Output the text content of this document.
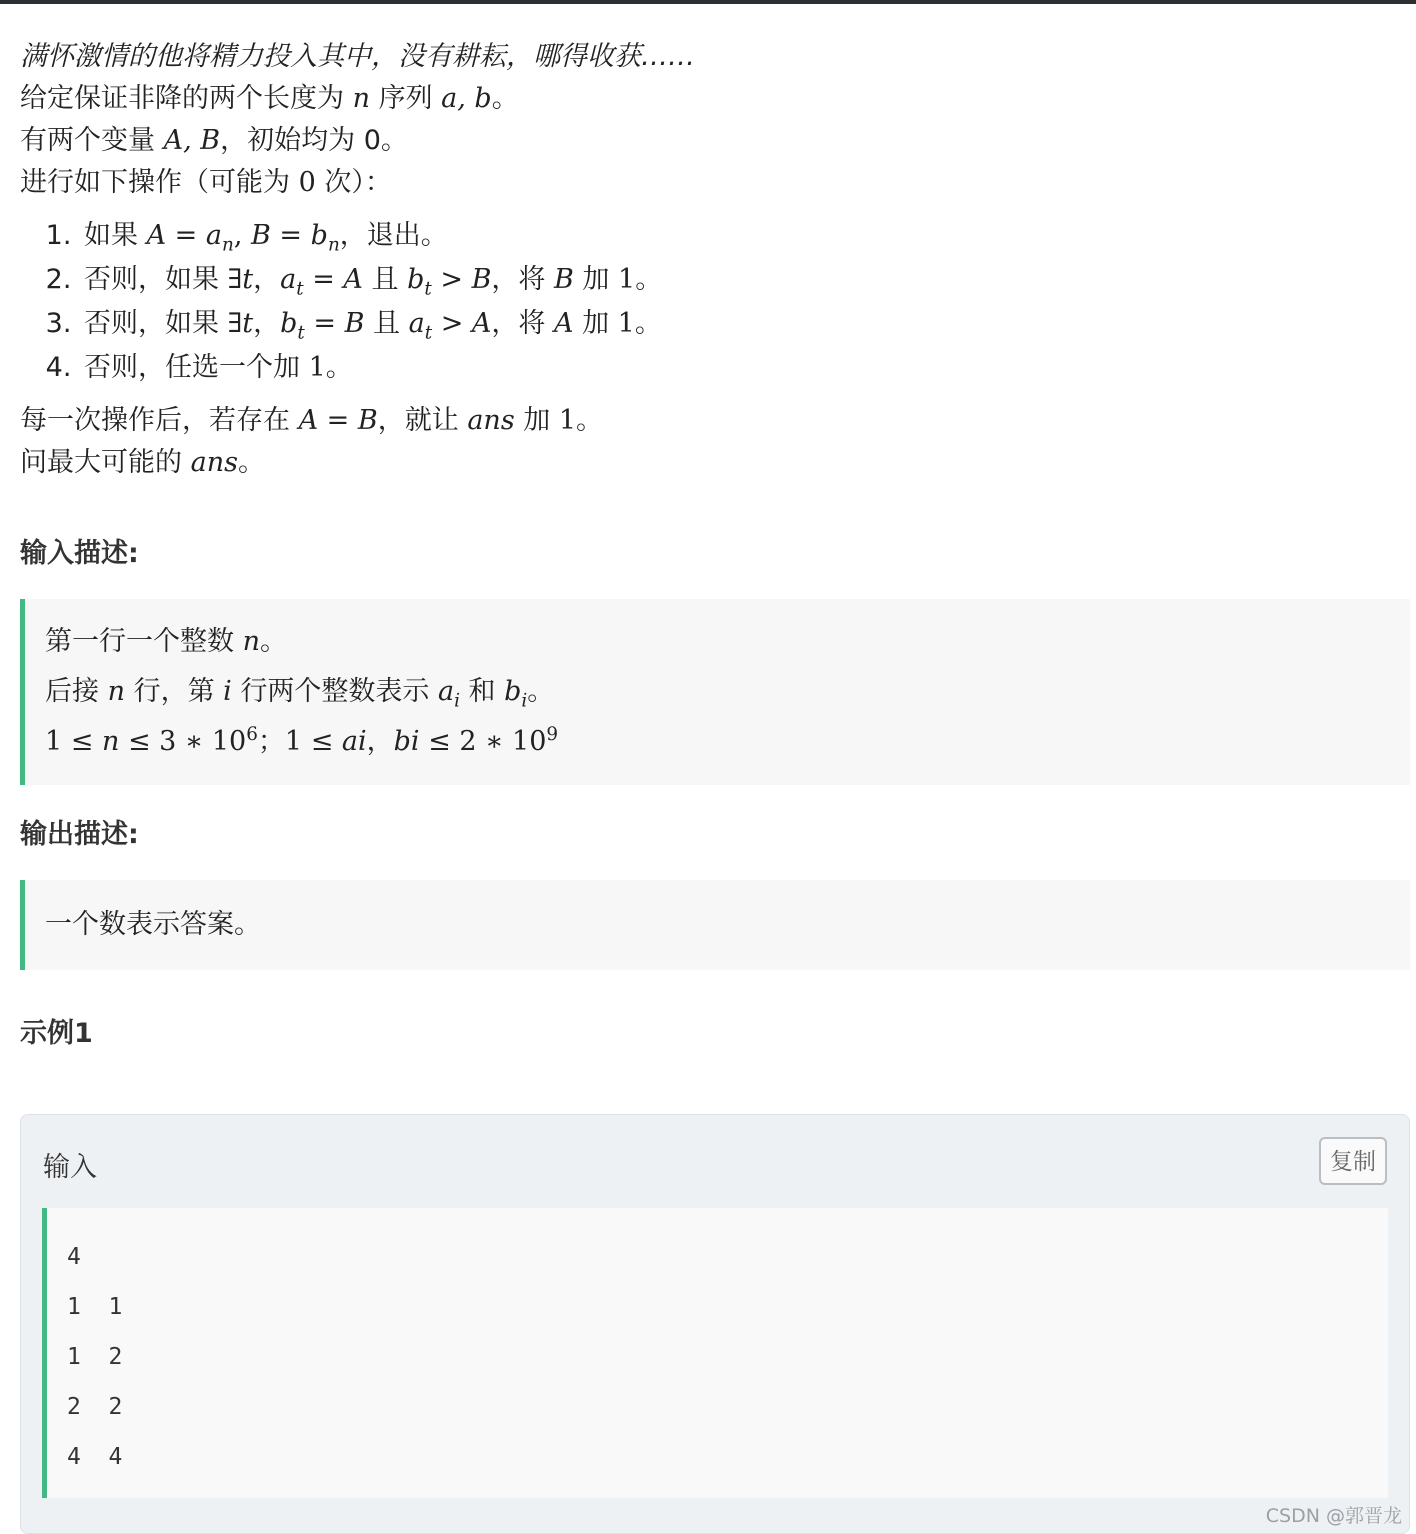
满怀激情的他将精力投入其中，没有耕耘，哪得收获……

给定保证非降的两个长度为 n 序列 a, b。

有两个变量 A, B，初始均为 0。

进行如下操作（可能为 0 次）：

1. 如果 $A = a_n$, $B = b_n$，退出。
2. 否则，如果 ∃t，$a_t = A$ 且 $b_t > B$，将 B 加 1。
3. 否则，如果 ∃t，$b_t = B$ 且 $a_t > A$，将 A 加 1。
4. 否则，任选一个加 1。

每一次操作后，若存在 A = B，就让 ans 加 1。

问最大可能的 ans。

输入描述:

第一行一个整数 n。

后接 n 行，第 i 行两个整数表示 $a_i$ 和 $b_i$。

1 ≤ n ≤ 3 ∗ $10^6$；1 ≤ ai，bi ≤ 2 ∗ $10^9$

输出描述:

一个数表示答案。

示例1
输入	复制
4
1  1
1  2
2  2
4  4
CSDN @郭晋龙
